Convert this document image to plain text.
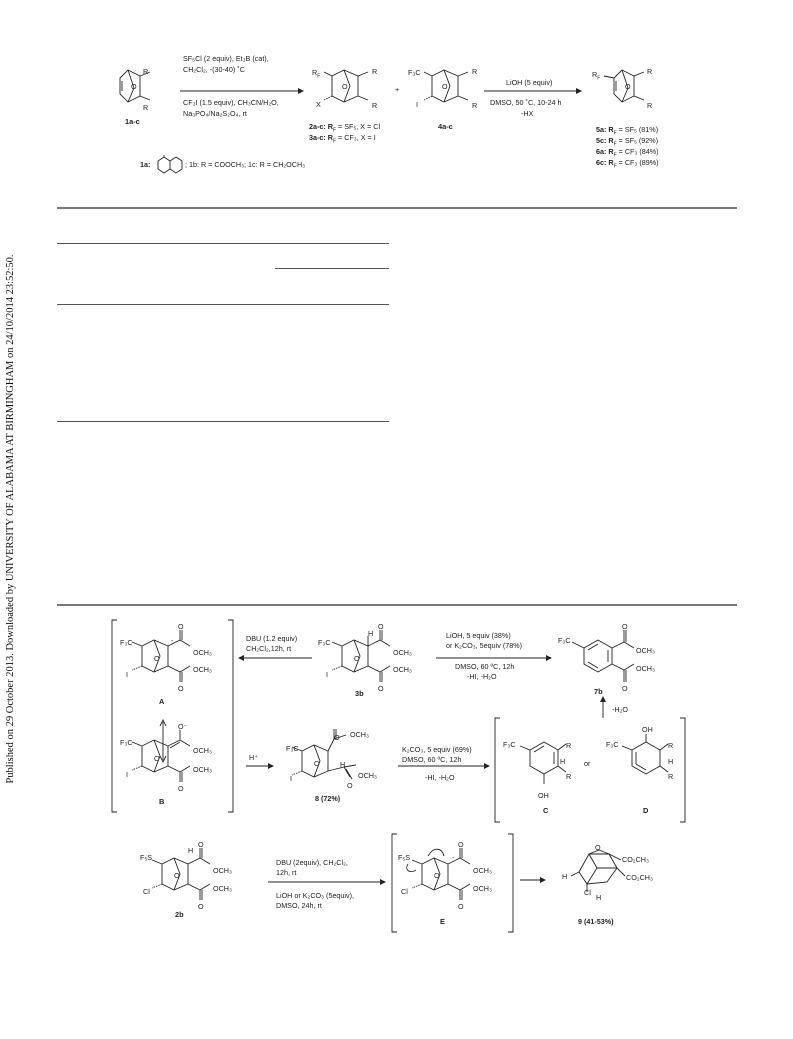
Published on 29 October 2013. Downloaded by UNIVERSITY OF ALABAMA AT BIRMINGHAM on 24/10/2014 23:52:50.
R
R
O
1a-c
SF₅Cl (2 equiv), Et₃B (cat),
CH₂Cl₂, -(30-40) ˚C
CF₃I (1.5 equiv), CH₃CN/H₂O,
Na₃PO₄/Na₂S₂O₄, rt
$R_F$
X
R
R
O
2a-c: $R_F = SF_5$, X = Cl
3a-c: $R_F = CF_3$, X = I
+
F₃C
I
R
R
O
4a-c
LiOH (5 equiv)
DMSO, 50 ˚C, 10-24 h
-HX
$R_F$
R
R
O
5a: $R_F = SF_5$ (81%)
5c: $R_F = SF_5$ (92%)
6a: $R_F = CF_3$ (84%)
6c: $R_F = CF_3$ (89%)
1a:	; 1b: R = COOCH₃; 1c: R = CH₂OCH₃
DBU (1.2 equiv)
CH₂Cl₂,12h, rt
LiOH, 5 equiv (38%)
or K₂CO₃, 5equiv (78%)
DMSO, 60 ºC, 12h
-HI, -H₂O
F₃C
I
OCH₃
OCH₃
O
O
O
-
A
F₃C
I
OCH₃
OCH₃
O⁻
O
O
B
F₃C
I
H
OCH₃
OCH₃
O
O
O
3b
F₃C
OCH₃
OCH₃
O
O
7b
-H₂O
H⁺
F₃C
I
OCH₃
O
H
OCH₃
O
O
8 (72%)
K₂CO₃, 5 equiv (69%)
DMSO, 60 ºC, 12h
-HI, -H₂O
F₃C	R
H
R
OH
C
or
F₃C
OH
R
H
R
D
F₅S
Cl
H
OCH₃
OCH₃
O
O
O
2b
DBU (2equiv), CH₂Cl₂,
12h, rt
LiOH or K₂CO₃ (5equiv),
DMSO, 24h, rt
F₅S
Cl
OCH₃
OCH₃
O
O
O
-
E
O
CO₂CH₃
CO₂CH₃
H
Cl
H
9 (41-53%)
